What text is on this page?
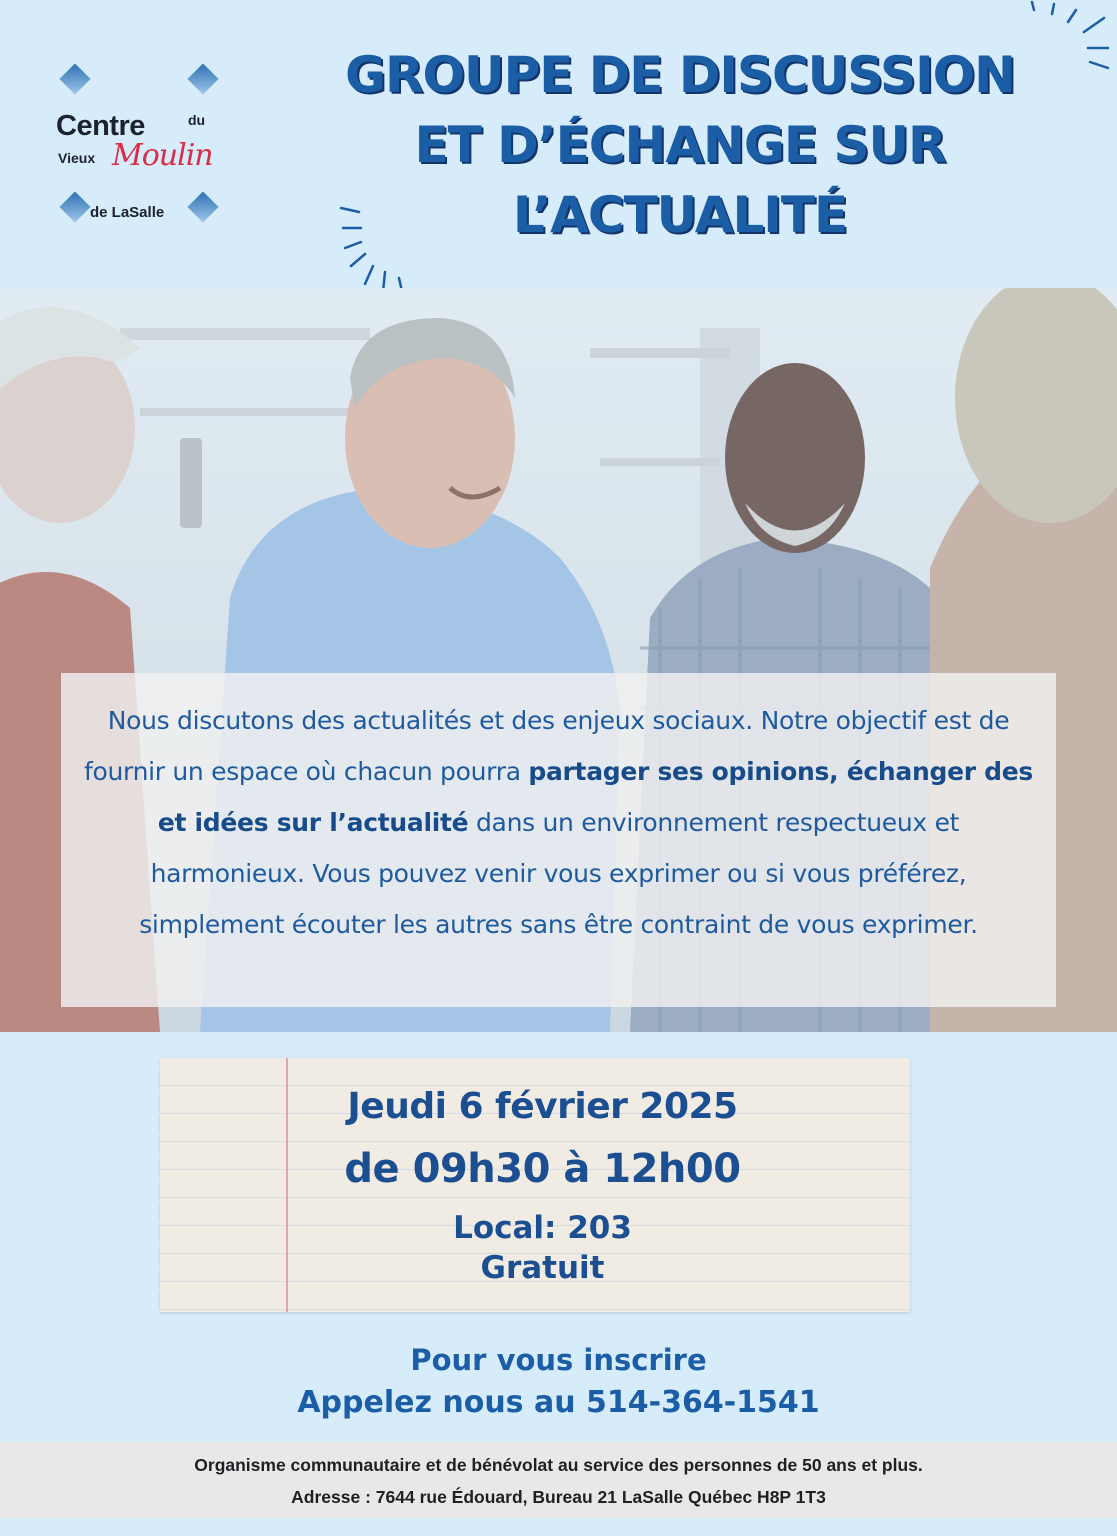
Centre	du
Vieux Moulin
de LaSalle
GROUPE DE DISCUSSION
ET D’ÉCHANGE SUR
L’ACTUALITÉ
Nous discutons des actualités et des enjeux sociaux. Notre objectif est de fournir un espace où chacun pourra partager ses opinions, échanger des et idées sur l’actualité dans un environnement respectueux et harmonieux. Vous pouvez venir vous exprimer ou si vous préférez, simplement écouter les autres sans être contraint de vous exprimer.
Jeudi 6 février 2025
de 09h30 à 12h00
Local: 203
Gratuit
Pour vous inscrire
Appelez nous au 514-364-1541
Organisme communautaire et de bénévolat au service des personnes de 50 ans et plus.
Adresse : 7644 rue Édouard, Bureau 21 LaSalle Québec H8P 1T3
